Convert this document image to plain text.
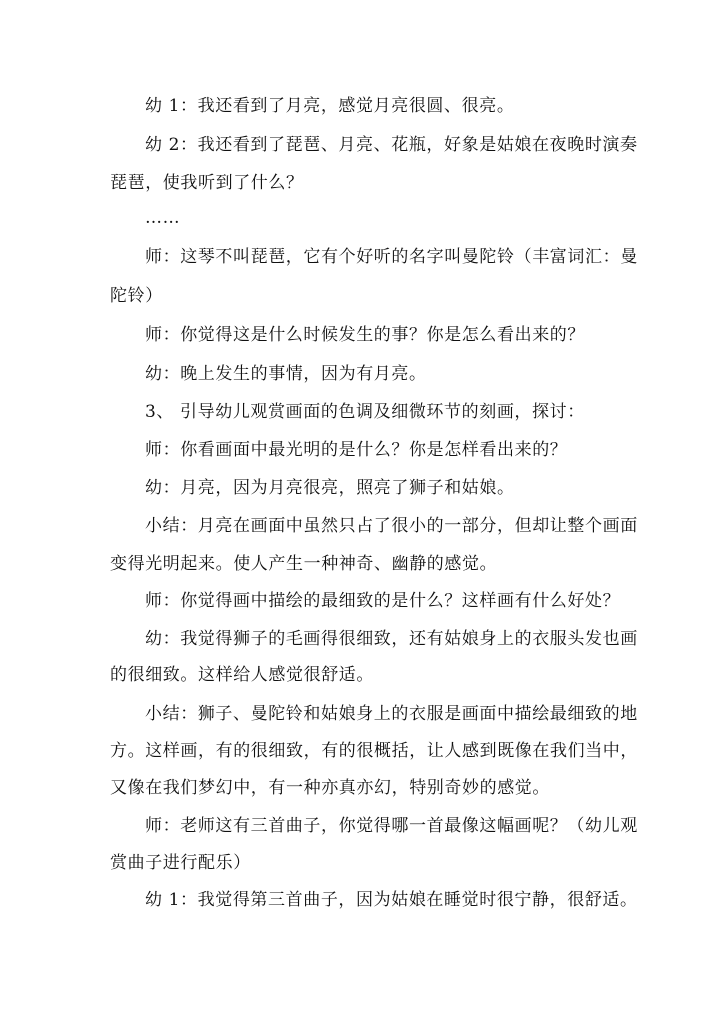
幼 1：我还看到了月亮，感觉月亮很圆、很亮。
幼 2：我还看到了琵琶、月亮、花瓶，好象是姑娘在夜晚时演奏
琵琶，使我听到了什么？
……
师：这琴不叫琵琶，它有个好听的名字叫曼陀铃（丰富词汇：曼
陀铃）
师：你觉得这是什么时候发生的事？你是怎么看出来的？
幼：晚上发生的事情，因为有月亮。
3、 引导幼儿观赏画面的色调及细微环节的刻画，探讨：
师：你看画面中最光明的是什么？你是怎样看出来的？
幼：月亮，因为月亮很亮，照亮了狮子和姑娘。
小结：月亮在画面中虽然只占了很小的一部分，但却让整个画面
变得光明起来。使人产生一种神奇、幽静的感觉。
师：你觉得画中描绘的最细致的是什么？这样画有什么好处？
幼：我觉得狮子的毛画得很细致，还有姑娘身上的衣服头发也画
的很细致。这样给人感觉很舒适。
小结：狮子、曼陀铃和姑娘身上的衣服是画面中描绘最细致的地
方。这样画，有的很细致，有的很概括，让人感到既像在我们当中，
又像在我们梦幻中，有一种亦真亦幻，特别奇妙的感觉。
师：老师这有三首曲子，你觉得哪一首最像这幅画呢？（幼儿观
赏曲子进行配乐）
幼 1：我觉得第三首曲子，因为姑娘在睡觉时很宁静，很舒适。
